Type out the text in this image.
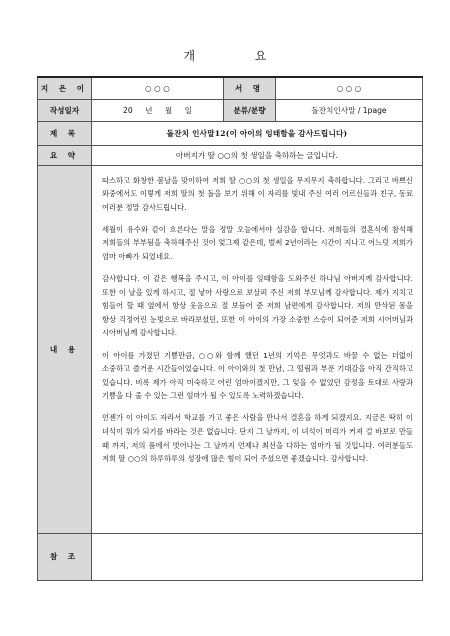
개 요
지 은 이	○ ○ ○	서 명	○ ○ ○
작성일자	20 년 월 일	분류/분량	돌잔치인사말 / 1page
제 목	돌잔치 인사말12(이 아이의 잉태함을 감사드립니다)		
요 약	아버지가 딸 ○○의 첫 생일을 축하하는 글입니다.		
내 용	따스하고 화창한 봄날을 맞이하여 저희 딸 ○○의 첫 생일을 무지무지 축하합니다. 그리고 바쁘신 와중에서도 이렇게 저희 딸의 첫 돌을 보기 위해 이 자리를 빛내 주신 여러 어르신들과 친구, 동료 여러분 정말 감사드립니다.

세월이 유수와 같이 흐른다는 말을 정말 오늘에서야 실감을 합니다. 저희들의 결혼식에 참석해 저희들의 부부됨을 축하해주신 것이 엊그제 같은데, 벌써 2년이라는 시간이 지나고 어느덧 저희가 엄마 아빠가 되었네요.

감사합니다. 이 같은 행복을 주시고, 이 아이를 잉태함을 도와주신 하나님 아버지께 감사합니다. 또한 이 날을 있게 하시고, 절 낳아 사랑으로 보살펴 주신 저희 부모님께 감사합니다. 제가 지치고 힘들어 할 때 옆에서 항상 웃음으로 절 보듬어 준 저희 남편에게 감사합니다. 저의 만삭된 몸을 항상 걱정어린 눈빛으로 바라보셨던, 또한 이 아이의 가장 소중한 스승이 되어준 저희 시어머님과 시아버님께 감사합니다.

이 아이를 가졌던 기쁨만큼, ○○와 함께 했던 1년의 기억은 무엇과도 바꿀 수 없는 더없이 소중하고 즐거운 시간들이었습니다. 이 아이와의 첫 만남, 그 떨림과 부푼 기대감을 아직 간직하고 있습니다. 비록 제가 아직 미숙하고 어린 엄마이겠지만, 그 잊을 수 없었던 감정을 토대로 사랑과 기쁨을 다 줄 수 있는 그런 엄마가 될 수 있도록 노력하겠습니다.

언젠가 이 아이도 자라서 학교를 가고 좋은 사람을 만나서 결혼을 하게 되겠지요. 지금은 딱히 이 녀석이 뭐가 되기를 바라는 것은 없습니다. 단지 그 날까지, 이 녀석이 머리가 커져 걸 바보로 만들 때 까지, 저의 품에서 벗어나는 그 날까지 언제나 최선을 다하는 엄마가 될 것입니다. 여러분들도 저희 딸 ○○의 하루하루의 성장에 많은 힘이 되어 주셨으면 좋겠습니다. 감사합니다.		

참 조			
